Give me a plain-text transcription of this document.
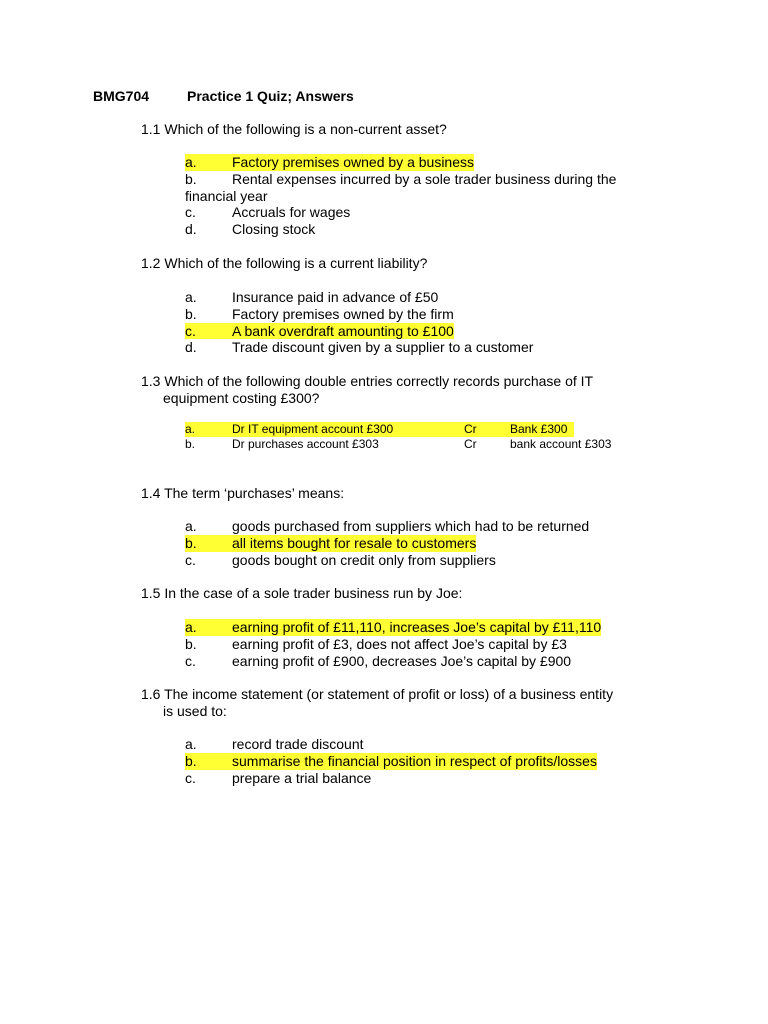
BMG704	Practice 1 Quiz; Answers
1.1 Which of the following is a non-current asset?
a.	Factory premises owned by a business
b.	Rental expenses incurred by a sole trader business during the
financial year
c.	Accruals for wages
d.	Closing stock
1.2 Which of the following is a current liability?
a.	Insurance paid in advance of £50
b.	Factory premises owned by the firm
c.	A bank overdraft amounting to £100
d.	Trade discount given by a supplier to a customer
1.3 Which of the following double entries correctly records purchase of IT
equipment costing £300?
a.	Dr IT equipment account £300	Cr	Bank £300
b.	Dr purchases account £303	Cr	bank account £303
1.4 The term ‘purchases’ means:
a.	goods purchased from suppliers which had to be returned
b.	all items bought for resale to customers
c.	goods bought on credit only from suppliers
1.5 In the case of a sole trader business run by Joe:
a.	earning profit of £11,110, increases Joe’s capital by £11,110
b.	earning profit of £3, does not affect Joe’s capital by £3
c.	earning profit of £900, decreases Joe’s capital by £900
1.6 The income statement (or statement of profit or loss) of a business entity
is used to:
a.	record trade discount
b.	summarise the financial position in respect of profits/losses
c.	prepare a trial balance
